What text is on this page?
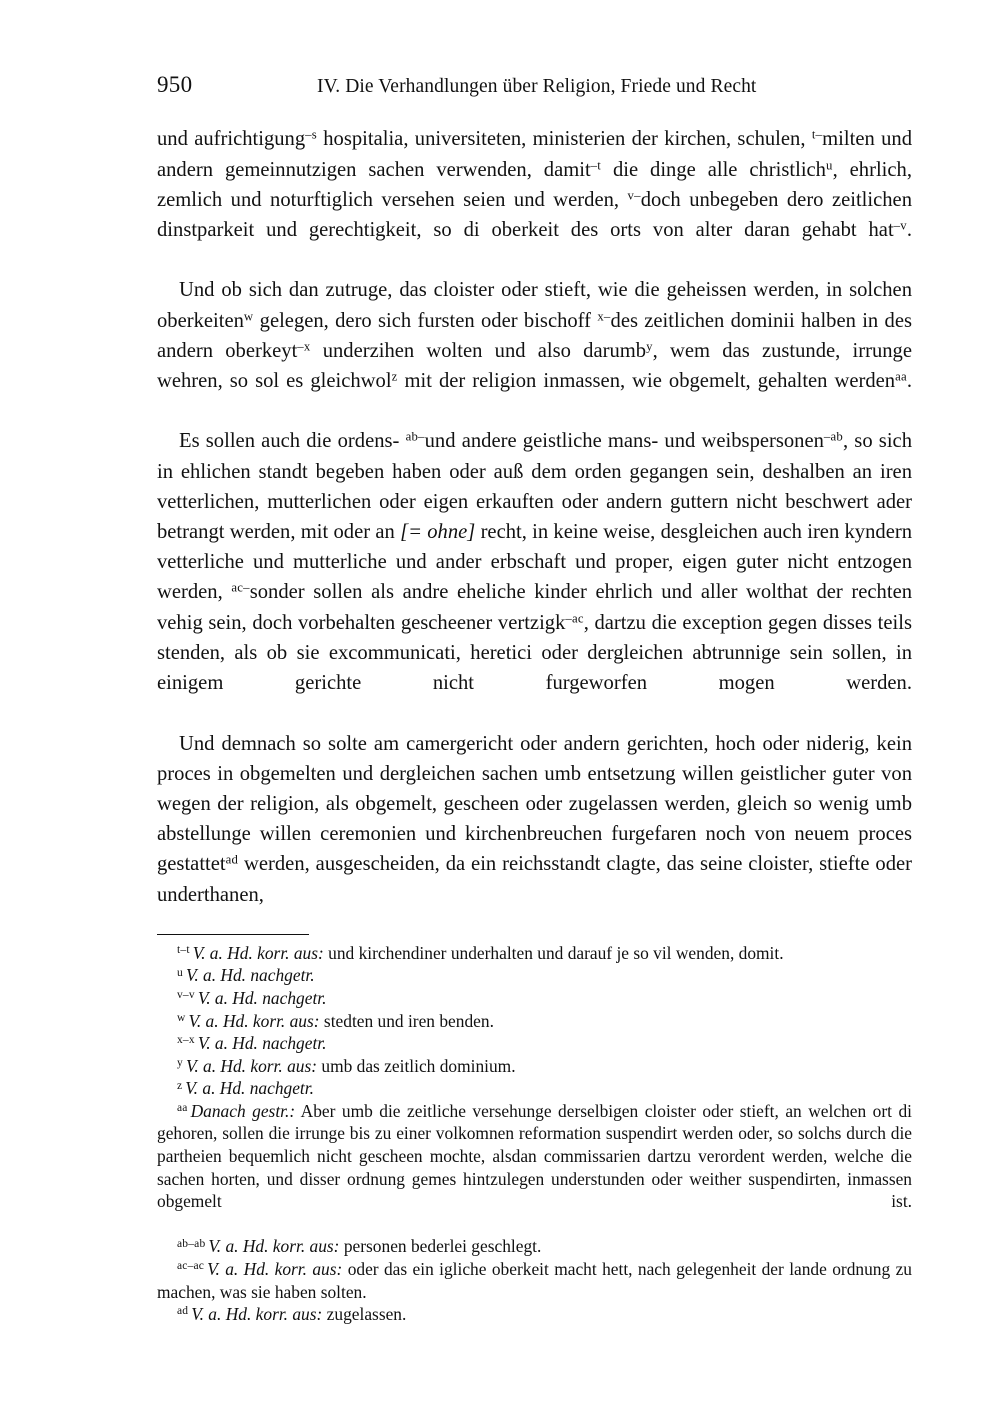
950	IV. Die Verhandlungen über Religion, Friede und Recht

und aufrichtigung$^{-s}$ hospitalia, universiteten, ministerien der kirchen, schulen, $^{t-}$milten und andern gemeinnutzigen sachen verwenden, damit$^{-t}$ die dinge alle christlich$^u$, ehrlich, zemlich und noturftiglich versehen seien und werden, $^{v-}$doch unbegeben dero zeitlichen dinstparkeit und gerechtigkeit, so di oberkeit des orts von alter daran gehabt hat$^{-v}$.

Und ob sich dan zutruge, das cloister oder stieft, wie die geheissen werden, in solchen oberkeiten$^w$ gelegen, dero sich fursten oder bischoff $^{x-}$des zeitlichen dominii halben in des andern oberkeyt$^{-x}$ underzihen wolten und also darumb$^y$, wem das zustunde, irrunge wehren, so sol es gleichwol$^z$ mit der religion inmassen, wie obgemelt, gehalten werden$^{aa}$.

Es sollen auch die ordens- $^{ab-}$und andere geistliche mans- und weibspersonen$^{-ab}$, so sich in ehlichen standt begeben haben oder auß dem orden gegangen sein, deshalben an iren vetterlichen, mutterlichen oder eigen erkauften oder andern guttern nicht beschwert ader betrangt werden, mit oder an [= ohne] recht, in keine weise, desgleichen auch iren kyndern vetterliche und mutterliche und ander erbschaft und proper, eigen guter nicht entzogen werden, $^{ac-}$sonder sollen als andre eheliche kinder ehrlich und aller wolthat der rechten vehig sein, doch vorbehalten gescheener vertzigk$^{-ac}$, dartzu die exception gegen disses teils stenden, als ob sie excommunicati, heretici oder dergleichen abtrunnige sein sollen, in einigem gerichte nicht furgeworfen mogen werden.

Und demnach so solte am camergericht oder andern gerichten, hoch oder niderig, kein proces in obgemelten und dergleichen sachen umb entsetzung willen geistlicher guter von wegen der religion, als obgemelt, gescheen oder zugelassen werden, gleich so wenig umb abstellunge willen ceremonien und kirchenbreuchen furgefaren noch von neuem proces gestattet$^{ad}$ werden, ausgescheiden, da ein reichsstandt clagte, das seine cloister, stiefte oder underthanen,

$^{t-t}$ V. a. Hd. korr. aus: und kirchendiner underhalten und darauf je so vil wenden, domit.

$^u$ V. a. Hd. nachgetr.

$^{v-v}$ V. a. Hd. nachgetr.

$^w$ V. a. Hd. korr. aus: stedten und iren benden.

$^{x-x}$ V. a. Hd. nachgetr.

$^y$ V. a. Hd. korr. aus: umb das zeitlich dominium.

$^z$ V. a. Hd. nachgetr.

$^{aa}$ Danach gestr.: Aber umb die zeitliche versehunge derselbigen cloister oder stieft, an welchen ort di gehoren, sollen die irrunge bis zu einer volkomnen reformation suspendirt werden oder, so solchs durch die partheien bequemlich nicht gescheen mochte, alsdan commissarien dartzu verordent werden, welche die sachen horten, und disser ordnung gemes hintzulegen understunden oder weither suspendirten, inmassen obgemelt ist.

$^{ab-ab}$ V. a. Hd. korr. aus: personen bederlei geschlegt.

$^{ac-ac}$ V. a. Hd. korr. aus: oder das ein igliche oberkeit macht hett, nach gelegenheit der lande ordnung zu machen, was sie haben solten.

$^{ad}$ V. a. Hd. korr. aus: zugelassen.
